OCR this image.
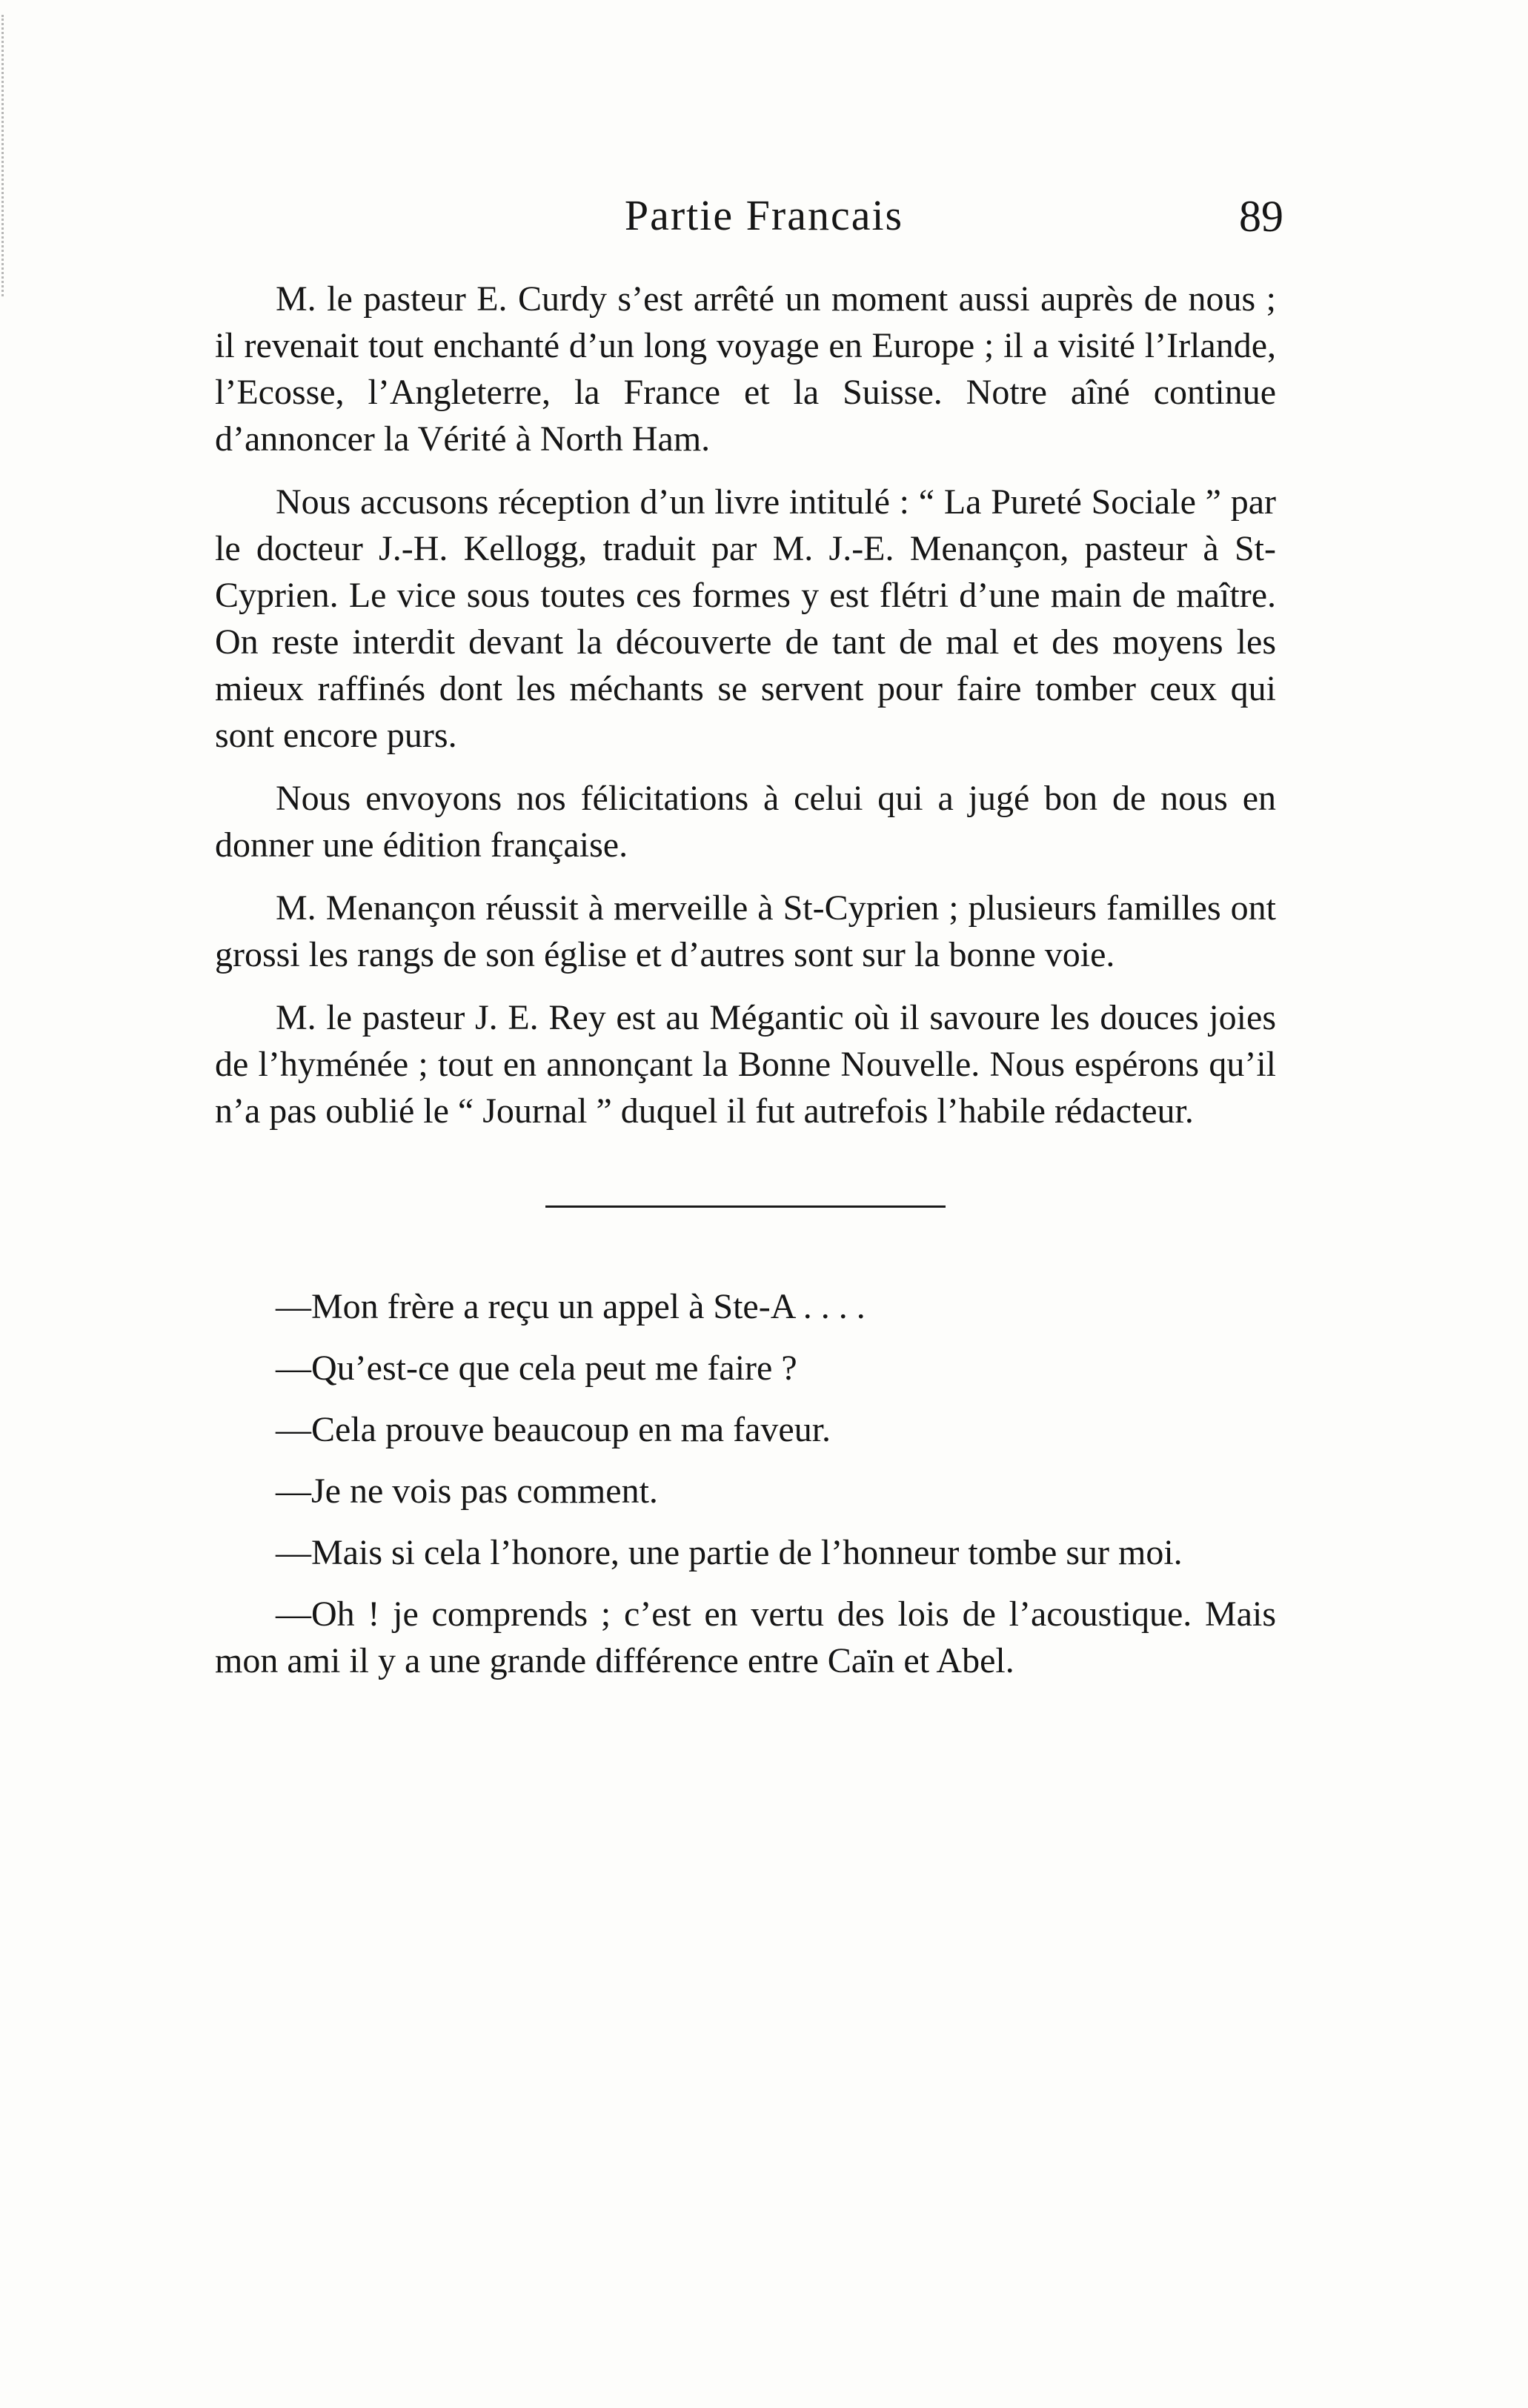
Partie Francais	89

M. le pasteur E. Curdy s’est arrêté un moment aussi auprès de nous ; il revenait tout enchanté d’un long voyage en Europe ; il a visité l’Irlande, l’Ecosse, l’Angleterre, la France et la Suisse. Notre aîné continue d’annoncer la Vérité à North Ham.

Nous accusons réception d’un livre intitulé : “ La Pureté Sociale ” par le docteur J.-H. Kellogg, traduit par M. J.-E. Menançon, pasteur à St-Cyprien. Le vice sous toutes ces formes y est flétri d’une main de maître. On reste interdit devant la découverte de tant de mal et des moyens les mieux raffinés dont les méchants se servent pour faire tomber ceux qui sont encore purs.

Nous envoyons nos félicitations à celui qui a jugé bon de nous en donner une édition française.

M. Menançon réussit à merveille à St-Cyprien ; plusieurs familles ont grossi les rangs de son église et d’autres sont sur la bonne voie.

M. le pasteur J. E. Rey est au Mégantic où il savoure les douces joies de l’hyménée ; tout en annonçant la Bonne Nouvelle. Nous espérons qu’il n’a pas oublié le “ Journal ” duquel il fut autrefois l’habile rédacteur.

—Mon frère a reçu un appel à Ste-A . . . .

—Qu’est-ce que cela peut me faire ?

—Cela prouve beaucoup en ma faveur.

—Je ne vois pas comment.

—Mais si cela l’honore, une partie de l’honneur tombe sur moi.

—Oh ! je comprends ; c’est en vertu des lois de l’acoustique. Mais mon ami il y a une grande différence entre Caïn et Abel.
